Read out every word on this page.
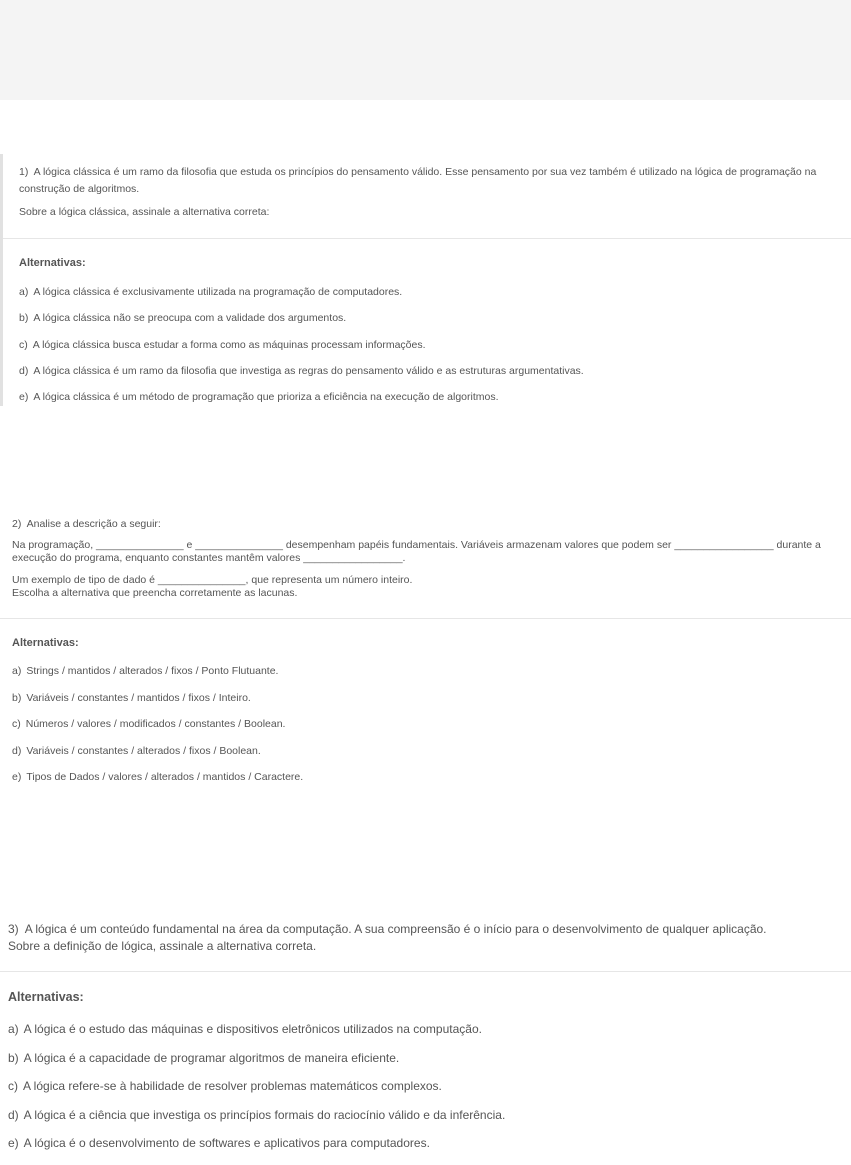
1) A lógica clássica é um ramo da filosofia que estuda os princípios do pensamento válido. Esse pensamento por sua vez também é utilizado na lógica de programação na construção de algoritmos.

Sobre a lógica clássica, assinale a alternativa correta:

Alternativas:
a) A lógica clássica é exclusivamente utilizada na programação de computadores.
b) A lógica clássica não se preocupa com a validade dos argumentos.
c) A lógica clássica busca estudar a forma como as máquinas processam informações.
d) A lógica clássica é um ramo da filosofia que investiga as regras do pensamento válido e as estruturas argumentativas.
e) A lógica clássica é um método de programação que prioriza a eficiência na execução de algoritmos.

2) Analise a descrição a seguir:

Na programação, _______________ e _______________ desempenham papéis fundamentais. Variáveis armazenam valores que podem ser _________________ durante a execução do programa, enquanto constantes mantêm valores _________________.

Um exemplo de tipo de dado é _______________, que representa um número inteiro.

Escolha a alternativa que preencha corretamente as lacunas.

Alternativas:
a) Strings / mantidos / alterados / fixos / Ponto Flutuante.
b) Variáveis / constantes / mantidos / fixos / Inteiro.
c) Números / valores / modificados / constantes / Boolean.
d) Variáveis / constantes / alterados / fixos / Boolean.
e) Tipos de Dados / valores / alterados / mantidos / Caractere.

3) A lógica é um conteúdo fundamental na área da computação. A sua compreensão é o início para o desenvolvimento de qualquer aplicação.

Sobre a definição de lógica, assinale a alternativa correta.

Alternativas:
a) A lógica é o estudo das máquinas e dispositivos eletrônicos utilizados na computação.
b) A lógica é a capacidade de programar algoritmos de maneira eficiente.
c) A lógica refere-se à habilidade de resolver problemas matemáticos complexos.
d) A lógica é a ciência que investiga os princípios formais do raciocínio válido e da inferência.
e) A lógica é o desenvolvimento de softwares e aplicativos para computadores.
